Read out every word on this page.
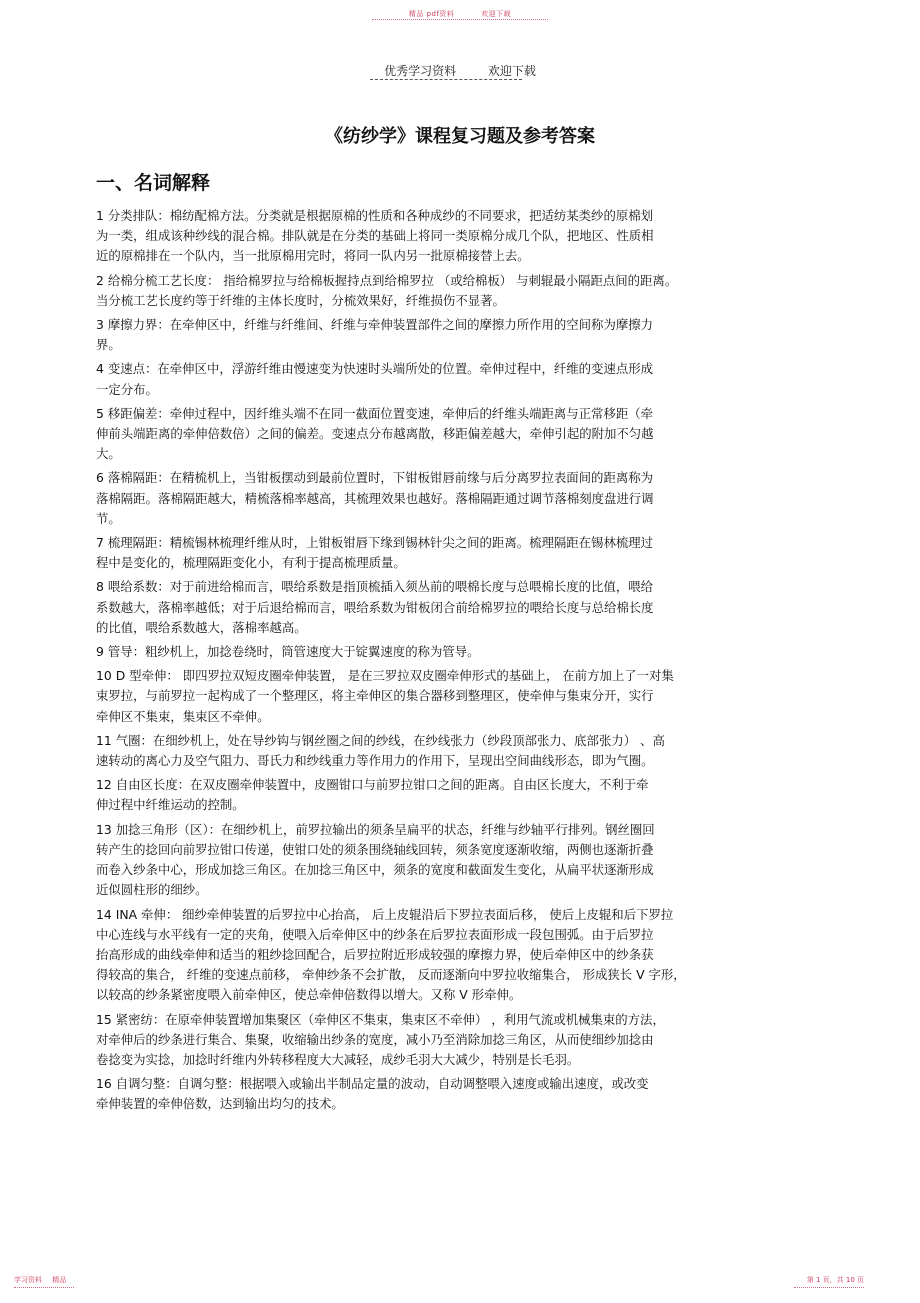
精品 pdf资料	欢迎下载
优秀学习资料	欢迎下载
《纺纱学》课程复习题及参考答案
一、名词解释
1 分类排队：棉纺配棉方法。分类就是根据原棉的性质和各种成纱的不同要求，把适纺某类纱的原棉划
为一类，组成该种纱线的混合棉。排队就是在分类的基础上将同一类原棉分成几个队，把地区、性质相
近的原棉排在一个队内，当一批原棉用完时，将同一队内另一批原棉接替上去。
2 给棉分梳工艺长度： 指给棉罗拉与给棉板握持点到给棉罗拉 （或给棉板） 与刺辊最小隔距点间的距离。
当分梳工艺长度约等于纤维的主体长度时，分梳效果好，纤维损伤不显著。
3 摩擦力界：在牵伸区中，纤维与纤维间、纤维与牵伸装置部件之间的摩擦力所作用的空间称为摩擦力
界。
4 变速点：在牵伸区中，浮游纤维由慢速变为快速时头端所处的位置。牵伸过程中，纤维的变速点形成
一定分布。
5 移距偏差：牵伸过程中，因纤维头端不在同一截面位置变速，牵伸后的纤维头端距离与正常移距（牵
伸前头端距离的牵伸倍数倍）之间的偏差。变速点分布越离散，移距偏差越大，牵伸引起的附加不匀越
大。
6 落棉隔距：在精梳机上，当钳板摆动到最前位置时，下钳板钳唇前缘与后分离罗拉表面间的距离称为
落棉隔距。落棉隔距越大，精梳落棉率越高，其梳理效果也越好。落棉隔距通过调节落棉刻度盘进行调
节。
7 梳理隔距：精梳锡林梳理纤维从时，上钳板钳唇下缘到锡林针尖之间的距离。梳理隔距在锡林梳理过
程中是变化的，梳理隔距变化小，有利于提高梳理质量。
8 喂给系数：对于前进给棉而言，喂给系数是指顶梳插入须丛前的喂棉长度与总喂棉长度的比值，喂给
系数越大，落棉率越低；对于后退给棉而言，喂给系数为钳板闭合前给棉罗拉的喂给长度与总给棉长度
的比值，喂给系数越大，落棉率越高。
9 管导：粗纱机上，加捻卷绕时，筒管速度大于锭翼速度的称为管导。
10 D 型牵伸： 即四罗拉双短皮圈牵伸装置， 是在三罗拉双皮圈牵伸形式的基础上， 在前方加上了一对集
束罗拉，与前罗拉一起构成了一个整理区，将主牵伸区的集合器移到整理区，使牵伸与集束分开，实行
牵伸区不集束，集束区不牵伸。
11 气圈：在细纱机上，处在导纱钩与钢丝圈之间的纱线，在纱线张力（纱段顶部张力、底部张力） 、高
速转动的离心力及空气阻力、哥氏力和纱线重力等作用力的作用下，呈现出空间曲线形态，即为气圈。
12 自由区长度：在双皮圈牵伸装置中，皮圈钳口与前罗拉钳口之间的距离。自由区长度大，不利于牵
伸过程中纤维运动的控制。
13 加捻三角形（区）：在细纱机上，前罗拉输出的须条呈扁平的状态，纤维与纱轴平行排列。钢丝圈回
转产生的捻回向前罗拉钳口传递，使钳口处的须条围绕轴线回转，须条宽度逐渐收缩，两侧也逐渐折叠
而卷入纱条中心，形成加捻三角区。在加捻三角区中，须条的宽度和截面发生变化，从扁平状逐渐形成
近似圆柱形的细纱。
14 INA 牵伸： 细纱牵伸装置的后罗拉中心抬高， 后上皮辊沿后下罗拉表面后移， 使后上皮辊和后下罗拉
中心连线与水平线有一定的夹角，使喂入后牵伸区中的纱条在后罗拉表面形成一段包围弧。由于后罗拉
抬高形成的曲线牵伸和适当的粗纱捻回配合，后罗拉附近形成较强的摩擦力界，使后牵伸区中的纱条获
得较高的集合， 纤维的变速点前移， 牵伸纱条不会扩散， 反而逐渐向中罗拉收缩集合， 形成狭长 V 字形，
以较高的纱条紧密度喂入前牵伸区，使总牵伸倍数得以增大。又称 V 形牵伸。
15 紧密纺：在原牵伸装置增加集聚区（牵伸区不集束，集束区不牵伸） ，利用气流或机械集束的方法，
对牵伸后的纱条进行集合、集聚，收缩输出纱条的宽度，减小乃至消除加捻三角区，从而使细纱加捻由
卷捻变为实捻，加捻时纤维内外转移程度大大减轻，成纱毛羽大大减少，特别是长毛羽。
16 自调匀整：自调匀整：根据喂入或输出半制品定量的波动，自动调整喂入速度或输出速度，或改变
牵伸装置的牵伸倍数，达到输出均匀的技术。
学习资料 精品	第 1 页，共 10 页
